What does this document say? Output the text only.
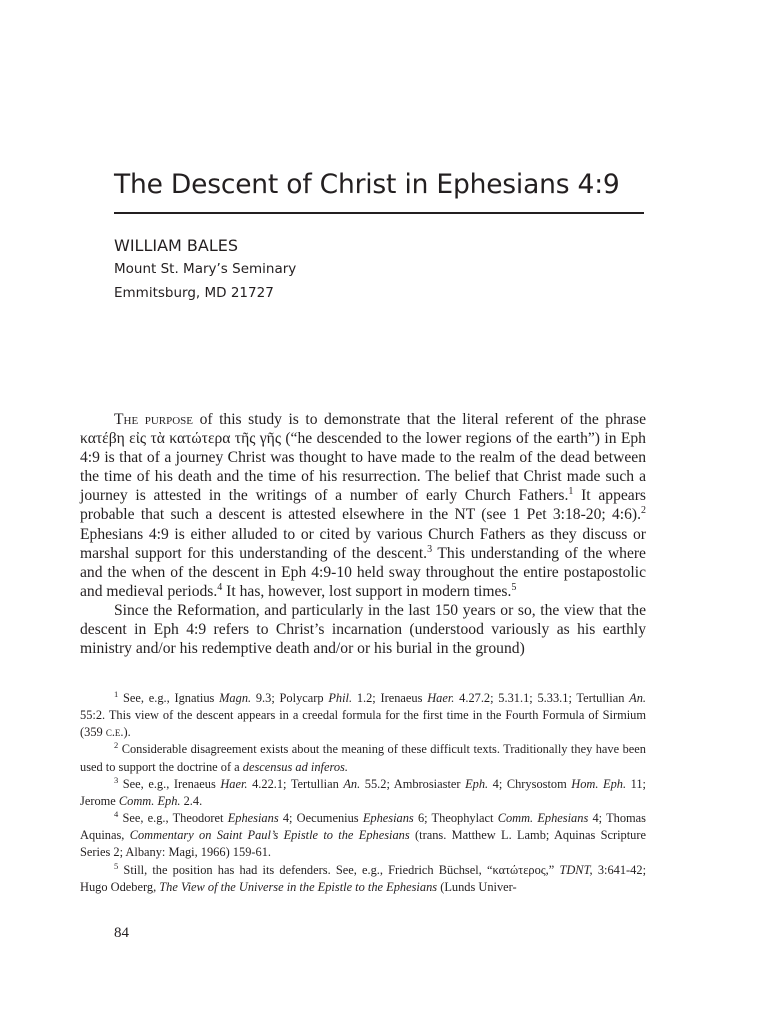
The Descent of Christ in Ephesians 4:9
WILLIAM BALES
Mount St. Mary’s Seminary
Emmitsburg, MD 21727

The purpose of this study is to demonstrate that the literal referent of the phrase κατέβη εἰς τὰ κατώτερα τῆς γῆς (“he descended to the lower regions of the earth”) in Eph 4:9 is that of a journey Christ was thought to have made to the realm of the dead between the time of his death and the time of his resurrection. The belief that Christ made such a journey is attested in the writings of a number of early Church Fathers.$^1$ It appears probable that such a descent is attested elsewhere in the NT (see 1 Pet 3:18-20; 4:6).$^2$ Ephesians 4:9 is either alluded to or cited by various Church Fathers as they discuss or marshal support for this understanding of the descent.$^3$ This understanding of the where and the when of the descent in Eph 4:9-10 held sway throughout the entire postapostolic and medieval periods.$^4$ It has, however, lost support in modern times.$^5$

Since the Reformation, and particularly in the last 150 years or so, the view that the descent in Eph 4:9 refers to Christ’s incarnation (understood variously as his earthly ministry and/or his redemptive death and/or or his burial in the ground)

$^1$ See, e.g., Ignatius Magn. 9.3; Polycarp Phil. 1.2; Irenaeus Haer. 4.27.2; 5.31.1; 5.33.1; Tertullian An. 55:2. This view of the descent appears in a creedal formula for the first time in the Fourth Formula of Sirmium (359 c.e.).

$^2$ Considerable disagreement exists about the meaning of these difficult texts. Traditionally they have been used to support the doctrine of a descensus ad inferos.

$^3$ See, e.g., Irenaeus Haer. 4.22.1; Tertullian An. 55.2; Ambrosiaster Eph. 4; Chrysostom Hom. Eph. 11; Jerome Comm. Eph. 2.4.

$^4$ See, e.g., Theodoret Ephesians 4; Oecumenius Ephesians 6; Theophylact Comm. Ephesians 4; Thomas Aquinas, Commentary on Saint Paul’s Epistle to the Ephesians (trans. Matthew L. Lamb; Aquinas Scripture Series 2; Albany: Magi, 1966) 159-61.

$^5$ Still, the position has had its defenders. See, e.g., Friedrich Büchsel, “κατώτερος,” TDNT, 3:641-42; Hugo Odeberg, The View of the Universe in the Epistle to the Ephesians (Lunds Univer-

84
